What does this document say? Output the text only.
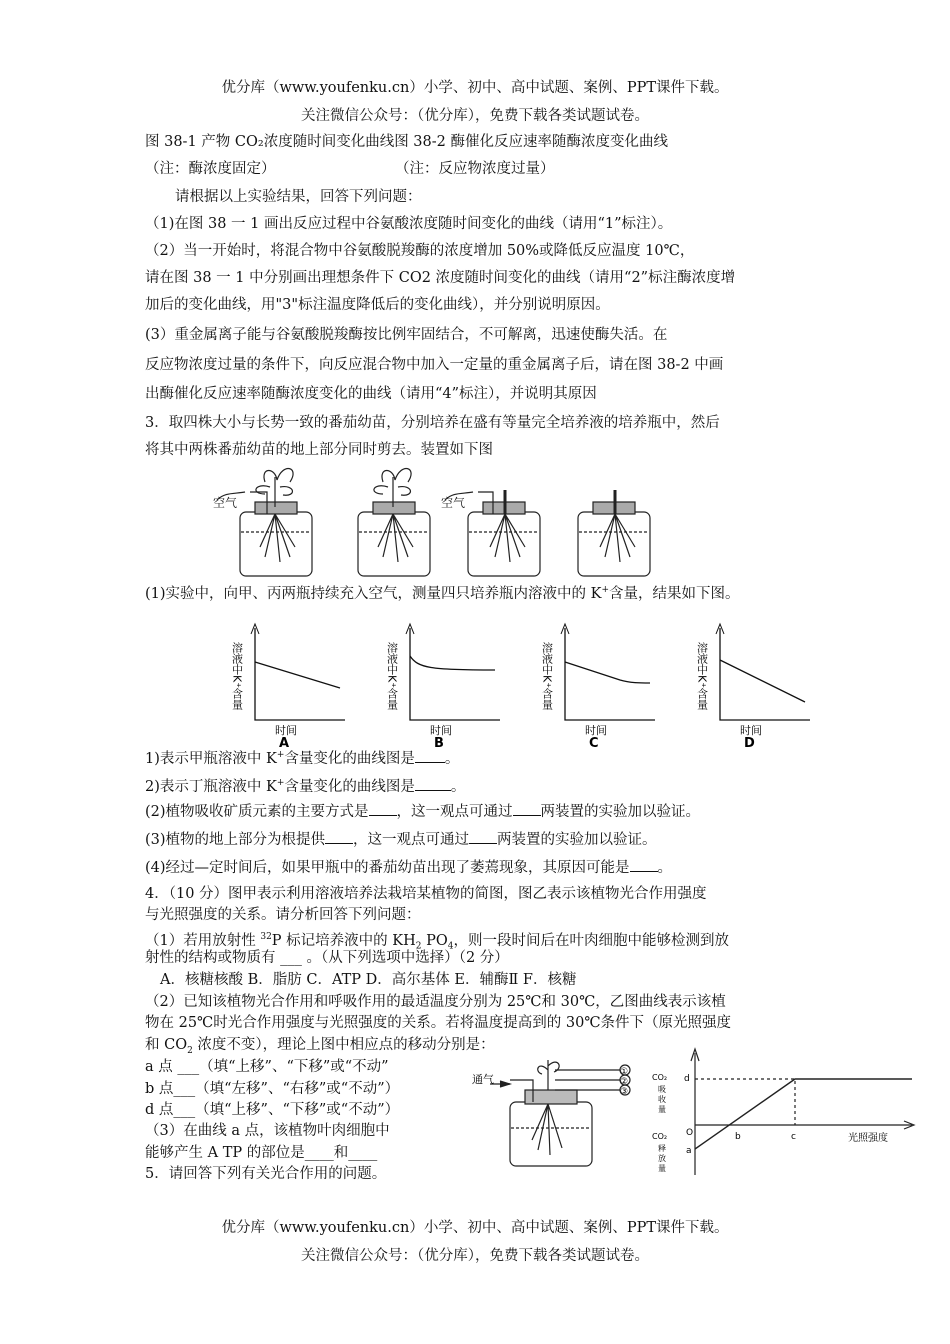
优分库（www.youfenku.cn）小学、初中、高中试题、案例、PPT课件下载。
关注微信公众号：（优分库），免费下载各类试题试卷。
图 38-1 产物 CO₂浓度随时间变化曲线图 38-2 酶催化反应速率随酶浓度变化曲线
（注：酶浓度固定）	（注：反应物浓度过量）
请根据以上实验结果，回答下列问题：
（1)在图 38 一 1 画出反应过程中谷氨酸浓度随时间变化的曲线（请用“1”标注）。
（2）当一开始时，将混合物中谷氨酸脱羧酶的浓度增加 50%或降低反应温度 10℃，
请在图 38 一 1 中分别画出理想条件下 CO2 浓度随时间变化的曲线（请用“2”标注酶浓度增
加后的变化曲线，用"3"标注温度降低后的变化曲线），并分别说明原因。
(3）重金属离子能与谷氨酸脱羧酶按比例牢固结合，不可解离，迅速使酶失活。在
反应物浓度过量的条件下，向反应混合物中加入一定量的重金属离子后，请在图 38-2 中画
出酶催化反应速率随酶浓度变化的曲线（请用“4”标注），并说明其原因
3．取四株大小与长势一致的番茄幼苗，分别培养在盛有等量完全培养液的培养瓶中，然后
将其中两株番茄幼苗的地上部分同时剪去。装置如下图
空气	空气
(1)实验中，向甲、丙两瓶持续充入空气，测量四只培养瓶内溶液中的 K+含量，结果如下图。
溶液中K⁺含量
时间
A
溶液中K⁺含量
时间
B
溶液中K⁺含量
时间
C
溶液中K⁺含量
时间
D
1)表示甲瓶溶液中 K+含量变化的曲线图是 。
2)表示丁瓶溶液中 K+含量变化的曲线图是 。
(2)植物吸收矿质元素的主要方式是 ，这一观点可通过 两装置的实验加以验证。
(3)植物的地上部分为根提供 ，这一观点可通过 两装置的实验加以验证。
(4)经过—定时间后，如果甲瓶中的番茄幼苗出现了萎蔫现象，其原因可能是 。
4．（10 分）图甲表示利用溶液培养法栽培某植物的简图，图乙表示该植物光合作用强度
与光照强度的关系。请分析回答下列问题：
（1）若用放射性 $^{32}$P 标记培养液中的 $KH_2$ $PO_4$，则一段时间后在叶肉细胞中能够检测到放
射性的结构或物质有 ___ 。（从下列选项中选择）（2 分）
A．核糖核酸 B．脂肪 C．ATP D．高尔基体 E．辅酶Ⅱ F．核糖
（2）已知该植物光合作用和呼吸作用的最适温度分别为 25℃和 30℃，乙图曲线表示该植
物在 25℃时光合作用强度与光照强度的关系。若将温度提高到的 30℃条件下（原光照强度
和 $CO_2$ 浓度不变），理论上图中相应点的移动分别是：
a 点 ___（填“上移”、“下移”或“不动”
b 点___（填“左移”、“右移”或“不动”）
d 点___（填“上移”、“下移”或“不动”）
（3）在曲线 a 点，该植物叶肉细胞中
能够产生 A TP 的部位是____和____
5．请回答下列有关光合作用的问题。
通气
①
②
③
CO₂
吸
收
量
CO₂
释
放
量
d
O
a
b	c	光照强度
优分库（www.youfenku.cn）小学、初中、高中试题、案例、PPT课件下载。
关注微信公众号：（优分库），免费下载各类试题试卷。
